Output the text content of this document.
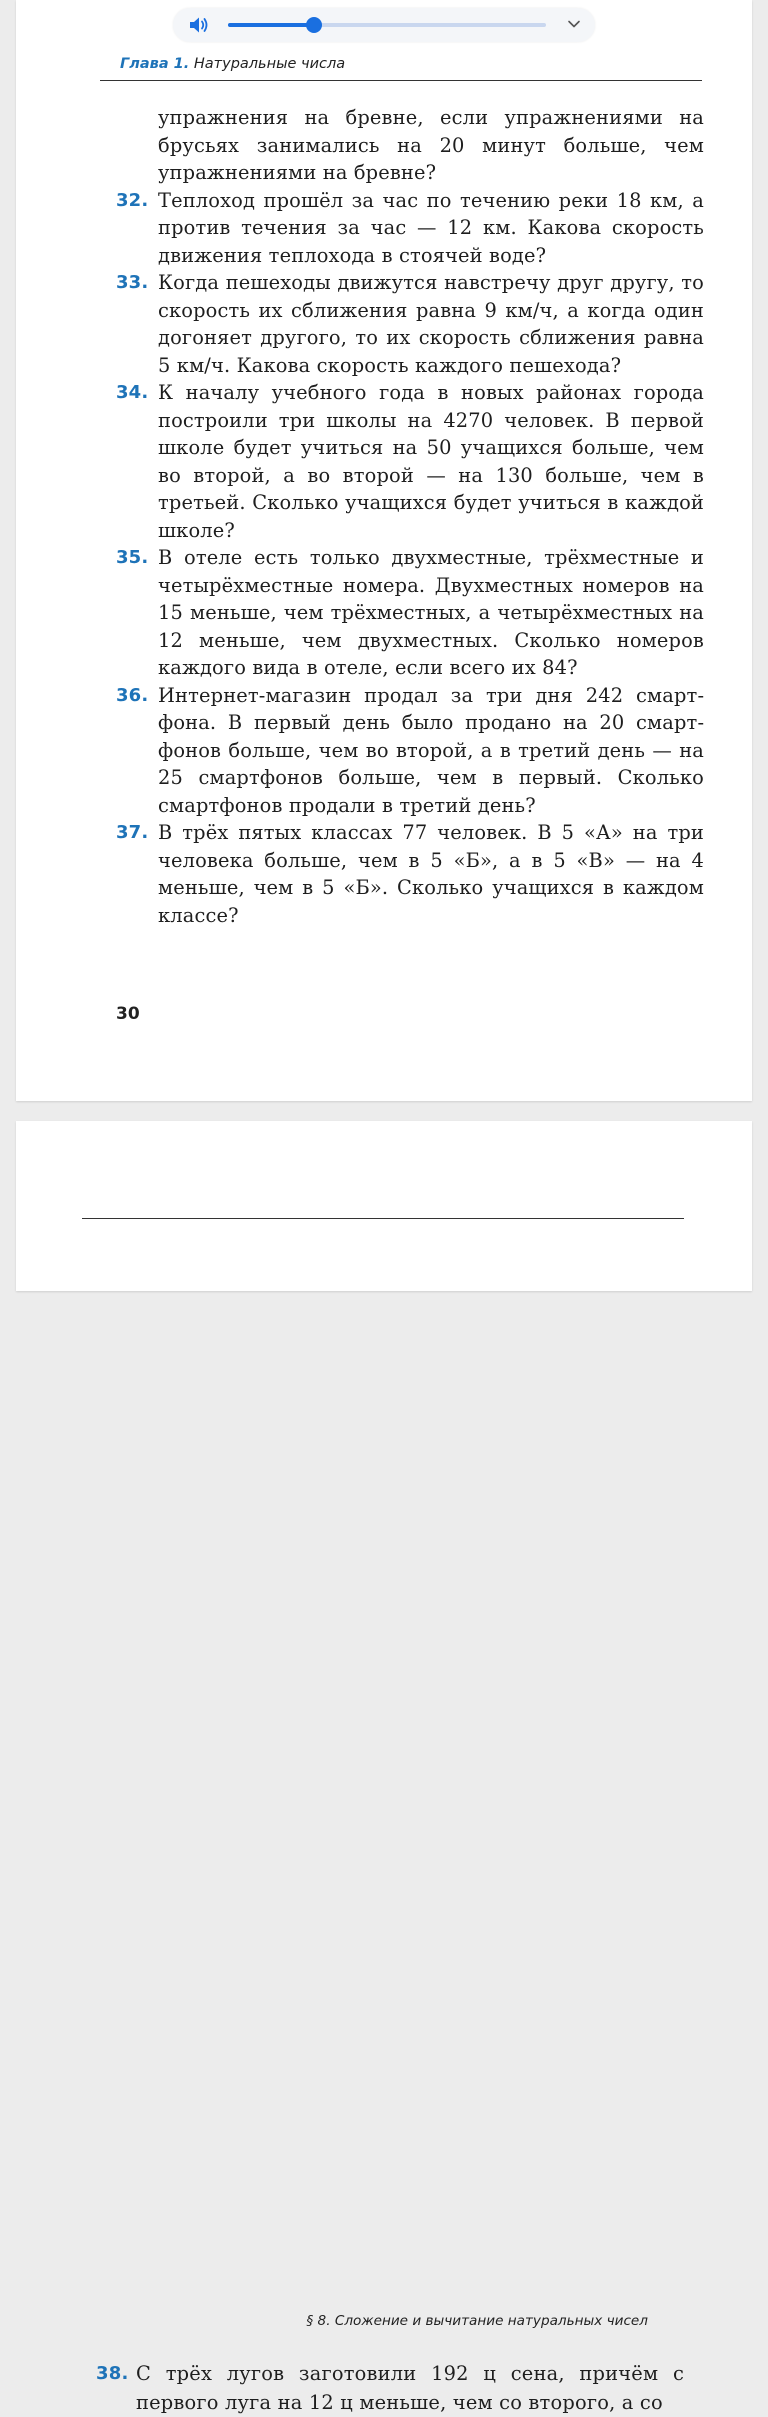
Глава 1. Натуральные числа
упражнения на бревне, если упражнениями на брусьях занимались на 20 минут больше, чем упражнениями на бревне?
32. Теплоход прошёл за час по течению реки 18 км, а против течения за час — 12 км. Какова скорость движения теплохода в стоячей воде?
33. Когда пешеходы движутся навстречу друг другу, то скорость их сближения равна 9 км/ч, а когда один догоняет другого, то их скорость сближения равна 5 км/ч. Какова скорость каждого пешехода?
34. К началу учебного года в новых районах города построили три школы на 4270 человек. В первой школе будет учиться на 50 учащихся больше, чем во второй, а во второй — на 130 больше, чем в третьей. Сколько учащихся будет учиться в каждой школе?
35. В отеле есть только двухместные, трёхместные и четырёхместные номера. Двухместных номеров на 15 меньше, чем трёхместных, а четырёхместных на 12 меньше, чем двухместных. Сколько номеров каждого вида в отеле, если всего их 84?
36. Интернет-магазин продал за три дня 242 смартфона. В первый день было продано на 20 смартфонов больше, чем во второй, а в третий день — на 25 смартфонов больше, чем в первый. Сколько смартфонов продали в третий день?
37. В трёх пятых классах 77 человек. В 5 «А» на три человека больше, чем в 5 «Б», а в 5 «В» — на 4 меньше, чем в 5 «Б». Сколько учащихся в каждом классе?
30
§ 8. Сложение и вычитание натуральных чисел
38. С трёх лугов заготовили 192 ц сена, причём с первого луга на 12 ц меньше, чем со второго, а со
